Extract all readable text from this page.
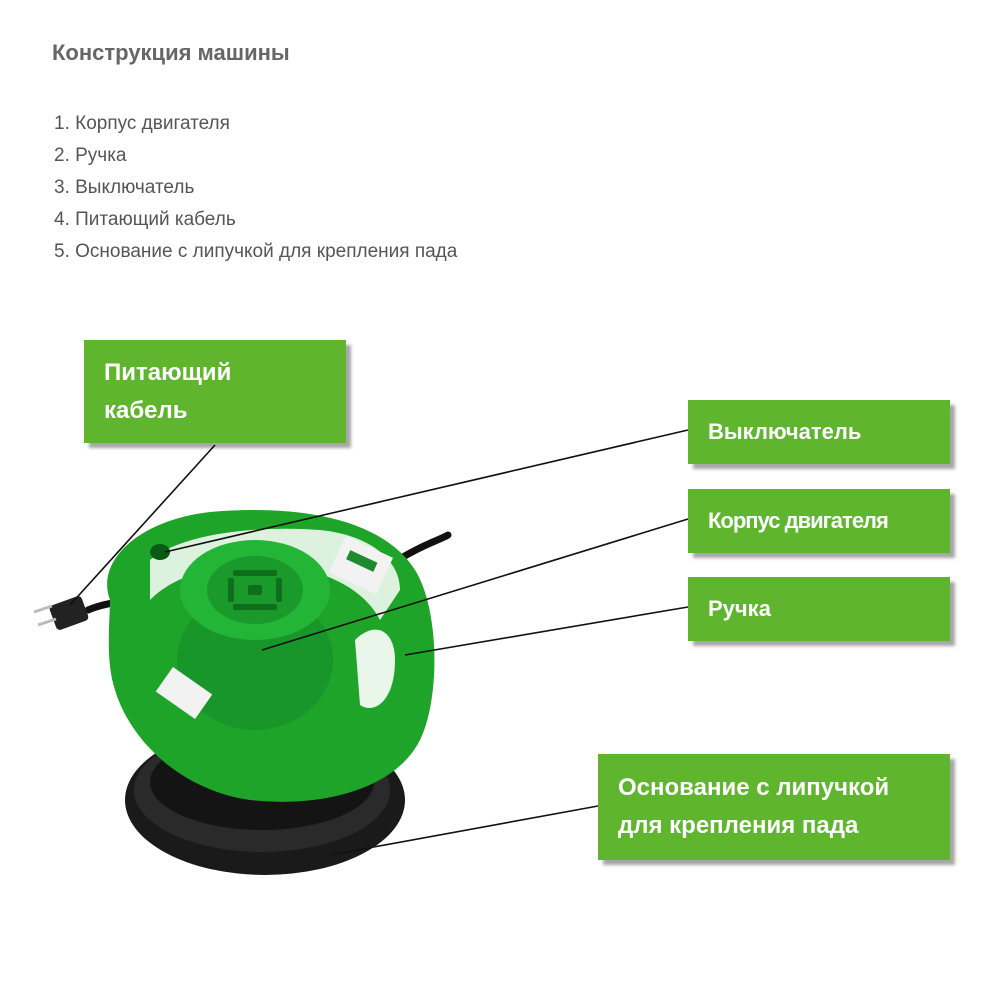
Конструкция машины
1. Корпус двигателя
2. Ручка
3. Выключатель
4. Питающий кабель
5. Основание с липучкой для крепления пада
Питающий
кабель
Выключатель
Корпус двигателя
Ручка
Основание с липучкой
для крепления пада
